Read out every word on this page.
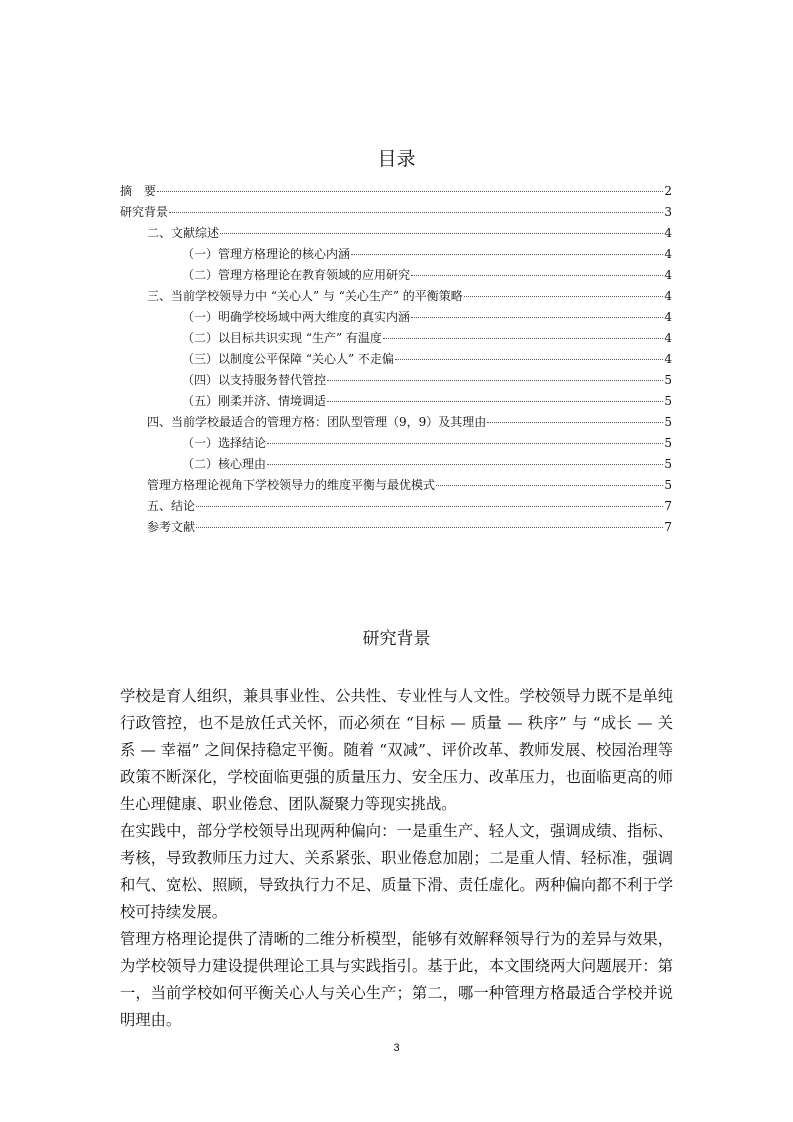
目录
摘　要	2
研究背景	3
二、文献综述	4
（一）管理方格理论的核心内涵	4
（二）管理方格理论在教育领域的应用研究	4
三、当前学校领导力中 “关心人” 与 “关心生产” 的平衡策略	4
（一）明确学校场域中两大维度的真实内涵	4
（二）以目标共识实现 “生产” 有温度	4
（三）以制度公平保障 “关心人” 不走偏	4
（四）以支持服务替代管控	5
（五）刚柔并济、情境调适	5
四、当前学校最适合的管理方格：团队型管理（9，9）及其理由	5
（一）选择结论	5
（二）核心理由	5
管理方格理论视角下学校领导力的维度平衡与最优模式	5
五、结论	7
参考文献	7
研究背景

学校是育人组织，兼具事业性、公共性、专业性与人文性。学校领导力既不是单纯行政管控，也不是放任式关怀，而必须在 “目标 — 质量 — 秩序” 与 “成长 — 关系 — 幸福” 之间保持稳定平衡。随着 “双减”、评价改革、教师发展、校园治理等政策不断深化，学校面临更强的质量压力、安全压力、改革压力，也面临更高的师生心理健康、职业倦怠、团队凝聚力等现实挑战。

在实践中，部分学校领导出现两种偏向：一是重生产、轻人文，强调成绩、指标、考核，导致教师压力过大、关系紧张、职业倦怠加剧；二是重人情、轻标准，强调和气、宽松、照顾，导致执行力不足、质量下滑、责任虚化。两种偏向都不利于学校可持续发展。

管理方格理论提供了清晰的二维分析模型，能够有效解释领导行为的差异与效果，为学校领导力建设提供理论工具与实践指引。基于此，本文围绕两大问题展开：第一，当前学校如何平衡关心人与关心生产；第二，哪一种管理方格最适合学校并说明理由。

3
